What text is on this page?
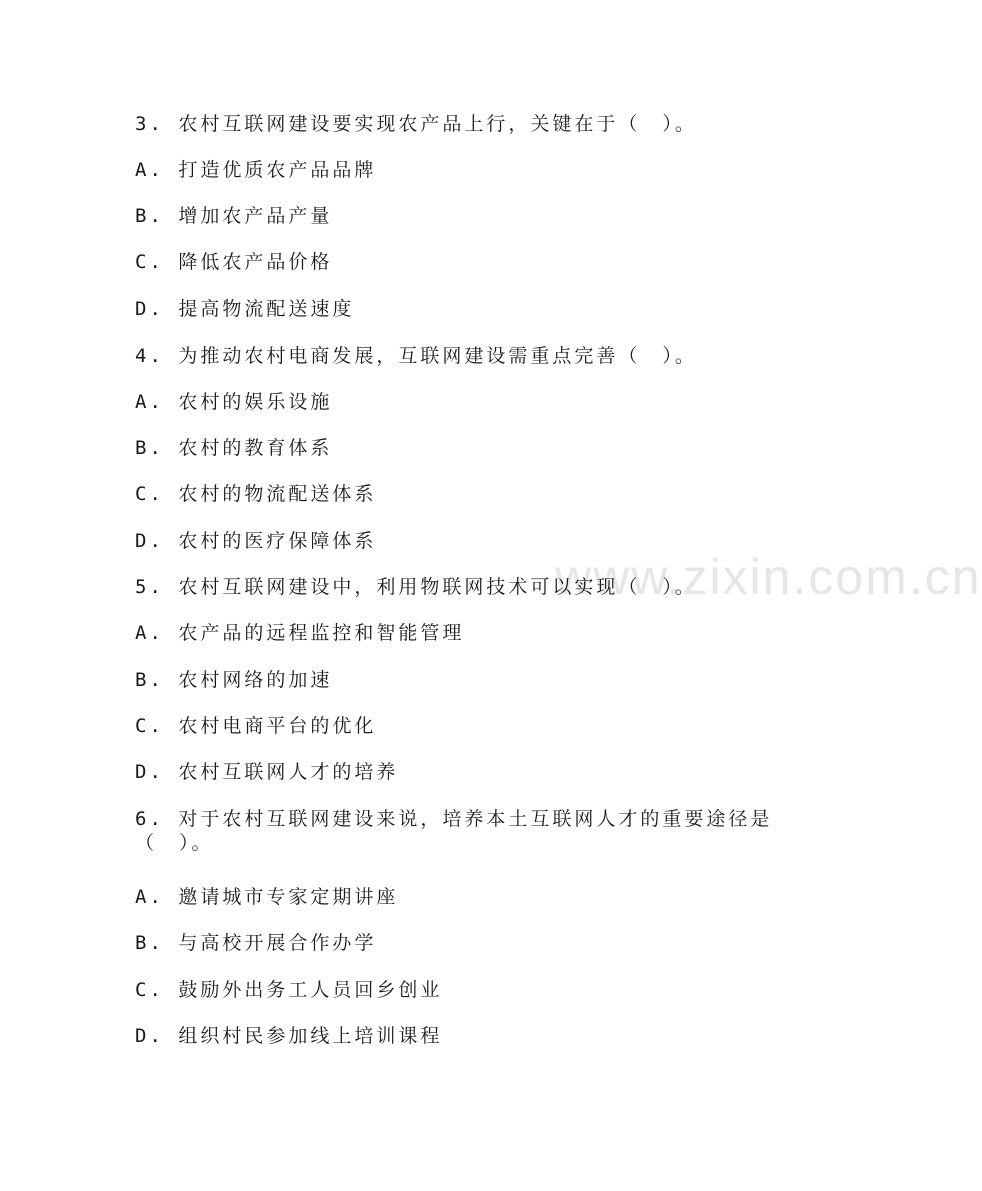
www.zixin.com.cn
3. 农村互联网建设要实现农产品上行，关键在于（　）。
A. 打造优质农产品品牌
B. 增加农产品产量
C. 降低农产品价格
D. 提高物流配送速度
4. 为推动农村电商发展，互联网建设需重点完善（　）。
A. 农村的娱乐设施
B. 农村的教育体系
C. 农村的物流配送体系
D. 农村的医疗保障体系
5. 农村互联网建设中，利用物联网技术可以实现（　）。
A. 农产品的远程监控和智能管理
B. 农村网络的加速
C. 农村电商平台的优化
D. 农村互联网人才的培养
6. 对于农村互联网建设来说，培养本土互联网人才的重要途径是（　）。
A. 邀请城市专家定期讲座
B. 与高校开展合作办学
C. 鼓励外出务工人员回乡创业
D. 组织村民参加线上培训课程
